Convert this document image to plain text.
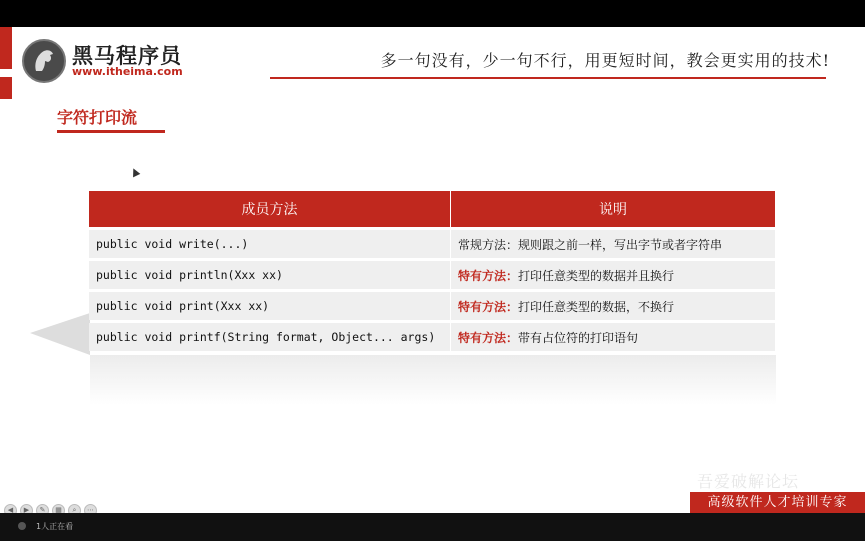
黑马程序员
www.itheima.com
多一句没有，少一句不行，用更短时间，教会更实用的技术!
字符打印流
成员方法	说明
public void write(...)	常规方法：规则跟之前一样，写出字节或者字符串
public void println(Xxx xx)	特有方法：打印任意类型的数据并且换行
public void print(Xxx xx)	特有方法：打印任意类型的数据，不换行
public void printf(String format, Object... args)	特有方法：带有占位符的打印语句
◀ ▶ ✎ ▦ ⌕ ⋯
吾爱破解论坛
高级软件人才培训专家
1人正在看
